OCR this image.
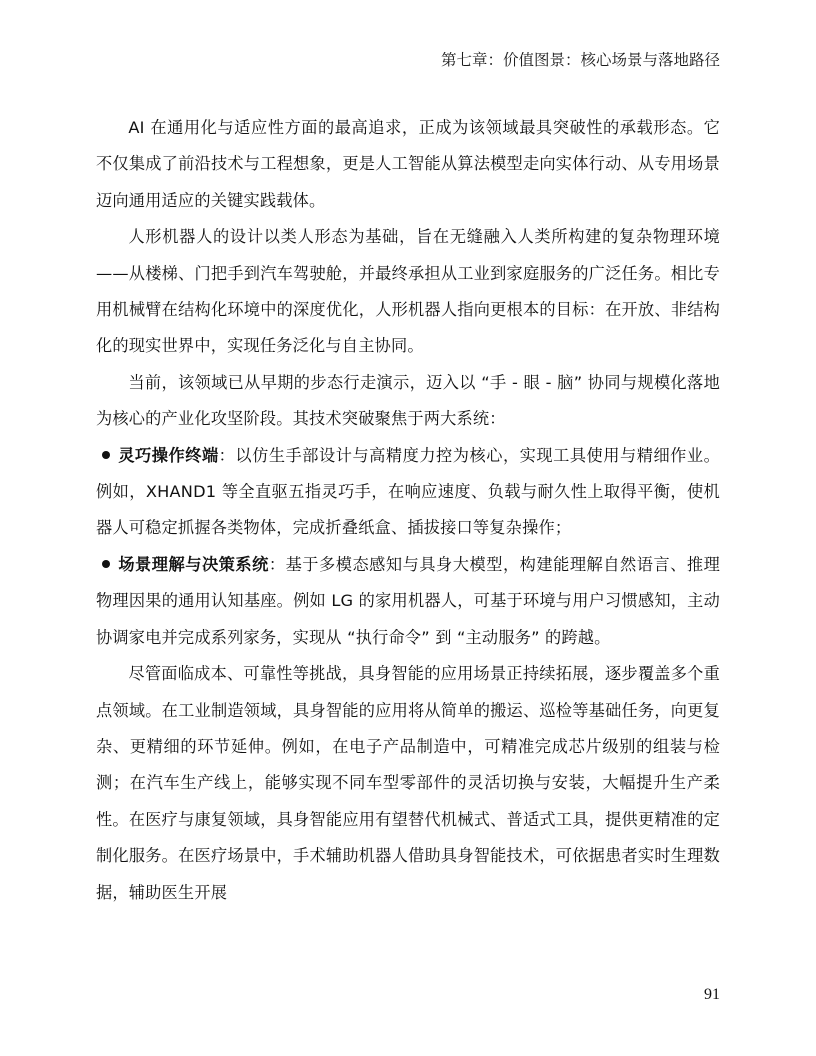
第七章：价值图景：核心场景与落地路径

AI 在通用化与适应性方面的最高追求，正成为该领域最具突破性的承载形态。它不仅集成了前沿技术与工程想象，更是人工智能从算法模型走向实体行动、从专用场景迈向通用适应的关键实践载体。

人形机器人的设计以类人形态为基础，旨在无缝融入人类所构建的复杂物理环境——从楼梯、门把手到汽车驾驶舱，并最终承担从工业到家庭服务的广泛任务。相比专用机械臂在结构化环境中的深度优化，人形机器人指向更根本的目标：在开放、非结构化的现实世界中，实现任务泛化与自主协同。

当前，该领域已从早期的步态行走演示，迈入以 “手 - 眼 - 脑” 协同与规模化落地为核心的产业化攻坚阶段。其技术突破聚焦于两大系统：

灵巧操作终端：以仿生手部设计与高精度力控为核心，实现工具使用与精细作业。例如，XHAND1 等全直驱五指灵巧手，在响应速度、负载与耐久性上取得平衡，使机器人可稳定抓握各类物体，完成折叠纸盒、插拔接口等复杂操作；

场景理解与决策系统：基于多模态感知与具身大模型，构建能理解自然语言、推理物理因果的通用认知基座。例如 LG 的家用机器人，可基于环境与用户习惯感知，主动协调家电并完成系列家务，实现从 “执行命令” 到 “主动服务” 的跨越。

尽管面临成本、可靠性等挑战，具身智能的应用场景正持续拓展，逐步覆盖多个重点领域。在工业制造领域，具身智能的应用将从简单的搬运、巡检等基础任务，向更复杂、更精细的环节延伸。例如，在电子产品制造中，可精准完成芯片级别的组装与检测；在汽车生产线上，能够实现不同车型零部件的灵活切换与安装，大幅提升生产柔性。在医疗与康复领域，具身智能应用有望替代机械式、普适式工具，提供更精准的定制化服务。在医疗场景中，手术辅助机器人借助具身智能技术，可依据患者实时生理数据，辅助医生开展

91
